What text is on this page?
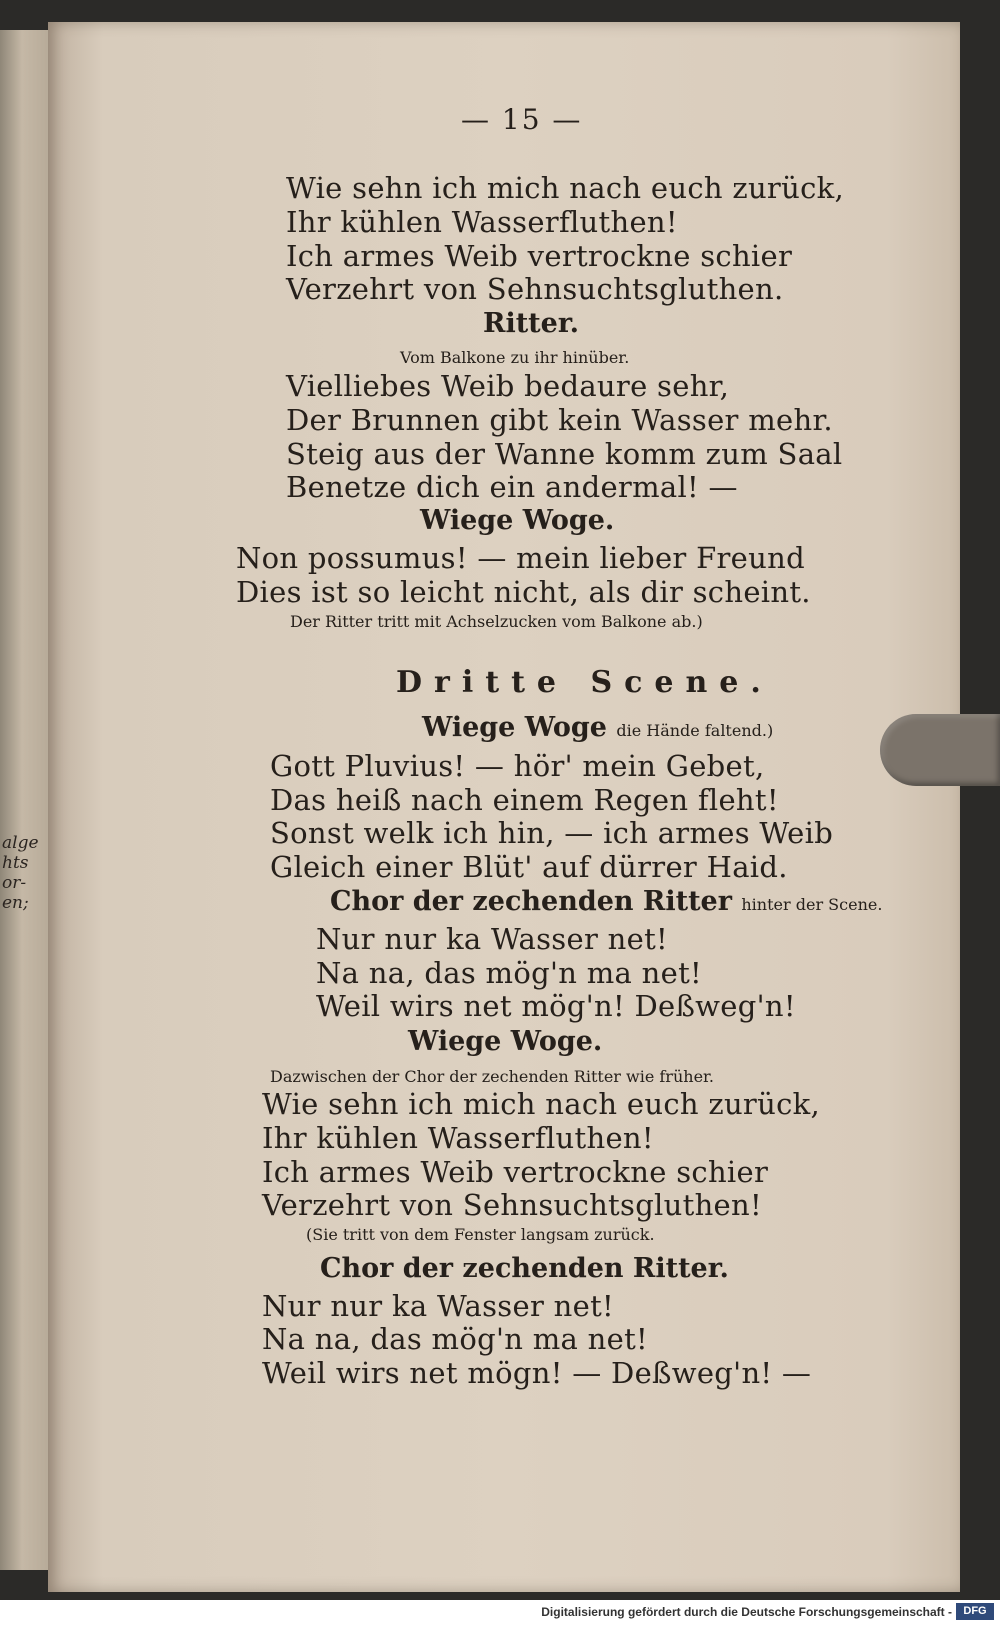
alge
hts
or-
en;
— 15 —
Wie sehn ich mich nach euch zurück,
Ihr kühlen Wasserfluthen!
Ich armes Weib vertrockne schier
Verzehrt von Sehnsuchtsgluthen.
Ritter.
Vom Balkone zu ihr hinüber.
Vielliebes Weib bedaure sehr,
Der Brunnen gibt kein Wasser mehr.
Steig aus der Wanne komm zum Saal
Benetze dich ein andermal! —
Wiege Woge.
Non possumus! — mein lieber Freund
Dies ist so leicht nicht, als dir scheint.
Der Ritter tritt mit Achselzucken vom Balkone ab.)
Dritte Scene.
Wiege Woge die Hände faltend.)
Gott Pluvius! — hör' mein Gebet,
Das heiß nach einem Regen fleht!
Sonst welk ich hin, — ich armes Weib
Gleich einer Blüt' auf dürrer Haid.
Chor der zechenden Ritter hinter der Scene.
Nur nur ka Wasser net!
Na na, das mög'n ma net!
Weil wirs net mög'n! Deßweg'n!
Wiege Woge.
Dazwischen der Chor der zechenden Ritter wie früher.
Wie sehn ich mich nach euch zurück,
Ihr kühlen Wasserfluthen!
Ich armes Weib vertrockne schier
Verzehrt von Sehnsuchtsgluthen!
(Sie tritt von dem Fenster langsam zurück.
Chor der zechenden Ritter.
Nur nur ka Wasser net!
Na na, das mög'n ma net!
Weil wirs net mögn! — Deßweg'n! —
Digitalisierung gefördert durch die Deutsche Forschungsgemeinschaft -	DFG
